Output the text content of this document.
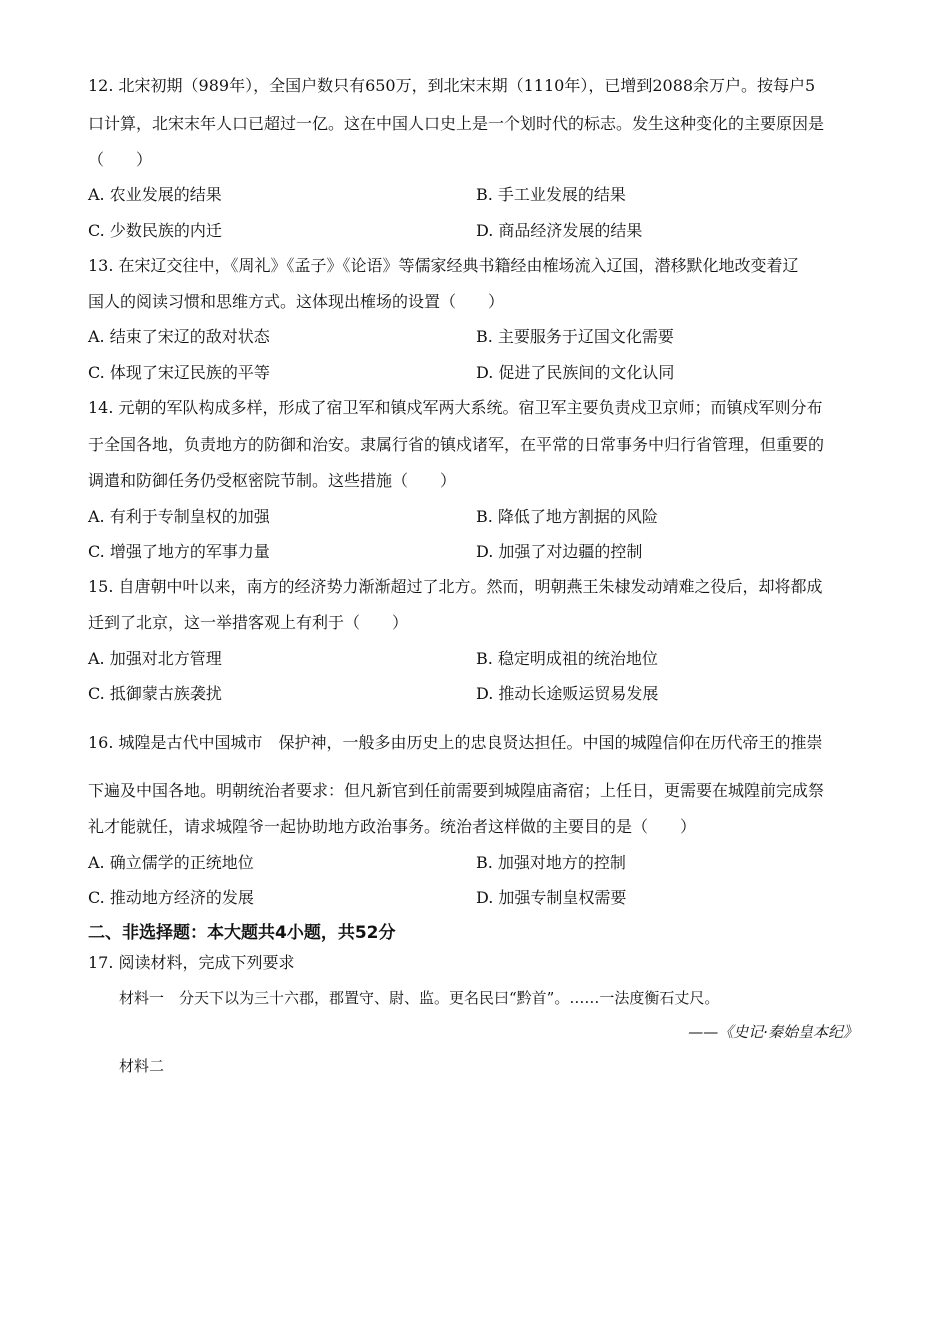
12. 北宋初期（989年），全国户数只有650万，到北宋末期（1110年），已增到2088余万户。按每户5
口计算，北宋末年人口已超过一亿。这在中国人口史上是一个划时代的标志。发生这种变化的主要原因是
（　　）
A. 农业发展的结果	B. 手工业发展的结果
C. 少数民族的内迁	D. 商品经济发展的结果
13. 在宋辽交往中，《周礼》《孟子》《论语》等儒家经典书籍经由榷场流入辽国，潜移默化地改变着辽
国人的阅读习惯和思维方式。这体现出榷场的设置（　　）
A. 结束了宋辽的敌对状态	B. 主要服务于辽国文化需要
C. 体现了宋辽民族的平等	D. 促进了民族间的文化认同
14. 元朝的军队构成多样，形成了宿卫军和镇戍军两大系统。宿卫军主要负责戍卫京师；而镇戍军则分布
于全国各地，负责地方的防御和治安。隶属行省的镇戍诸军，在平常的日常事务中归行省管理，但重要的
调遣和防御任务仍受枢密院节制。这些措施（　　）
A. 有利于专制皇权的加强	B. 降低了地方割据的风险
C. 增强了地方的军事力量	D. 加强了对边疆的控制
15. 自唐朝中叶以来，南方的经济势力渐渐超过了北方。然而，明朝燕王朱棣发动靖难之役后，却将都成
迁到了北京，这一举措客观上有利于（　　）
A. 加强对北方管理	B. 稳定明成祖的统治地位
C. 抵御蒙古族袭扰	D. 推动长途贩运贸易发展
16. 城隍是古代中国城市　保护神，一般多由历史上的忠良贤达担任。中国的城隍信仰在历代帝王的推崇
下遍及中国各地。明朝统治者要求：但凡新官到任前需要到城隍庙斋宿；上任日，更需要在城隍前完成祭
礼才能就任，请求城隍爷一起协助地方政治事务。统治者这样做的主要目的是（　　）
A. 确立儒学的正统地位	B. 加强对地方的控制
C. 推动地方经济的发展	D. 加强专制皇权需要
二、非选择题：本大题共4小题，共52分
17. 阅读材料，完成下列要求
材料一　分天下以为三十六郡，郡置守、尉、监。更名民曰“黔首”。……一法度衡石丈尺。
——《史记·秦始皇本纪》
材料二
